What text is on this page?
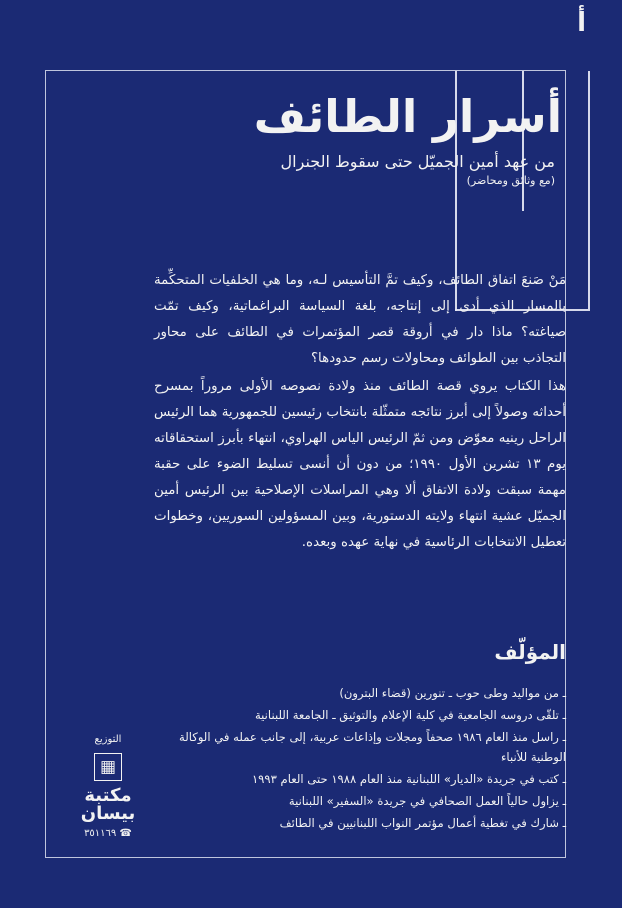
أ
أسرار الطائف
من عهد أمين الجميّل حتى سقوط الجنرال
(مع وثائق ومحاضر)

مَنْ صَنعَ اتفاق الطائف، وكيف تمَّ التأسيس لـه، وما هي الخلفيات المتحكِّمة بالمسار الذي أدى إلى إنتاجه، بلغة السياسة البراغماتية، وكيف تمّت صياغته؟ ماذا دار في أروقة قصر المؤتمرات في الطائف على محاور التجاذب بين الطوائف ومحاولات رسم حدودها؟

هذا الكتاب يروي قصة الطائف منذ ولادة نصوصه الأولى مروراً بمسرح أحداثه وصولاً إلى أبرز نتائجه متمثّلة بانتخاب رئيسين للجمهورية هما الرئيس الراحل رينيه معوّض ومن ثمّ الرئيس الياس الهراوي، انتهاء بأبرز استحقاقاته يوم ١٣ تشرين الأول ١٩٩٠؛ من دون أن أنسى تسليط الضوء على حقبة مهمة سبقت ولادة الاتفاق ألا وهي المراسلات الإصلاحية بين الرئيس أمين الجميّل عشية انتهاء ولايته الدستورية، وبين المسؤولين السوريين، وخطوات تعطيل الانتخابات الرئاسية في نهاية عهده وبعده.

المؤلّف
ـ من مواليد وطى حوب ـ تنورين (قضاء البترون)
ـ تلقّى دروسه الجامعية في كلية الإعلام والتوثيق ـ الجامعة اللبنانية
ـ راسل منذ العام ١٩٨٦ صحفاً ومجلات وإذاعات عربية، إلى جانب عمله في الوكالة الوطنية للأنباء
ـ كتب في جريدة «الديار» اللبنانية منذ العام ١٩٨٨ حتى العام ١٩٩٣
ـ يزاول حالياً العمل الصحافي في جريدة «السفير» اللبنانية
ـ شارك في تغطية أعمال مؤتمر النواب اللبنانيين في الطائف
التوزيع
▦
مكتبة بيسان
٣٥١١٦٩ ☎
